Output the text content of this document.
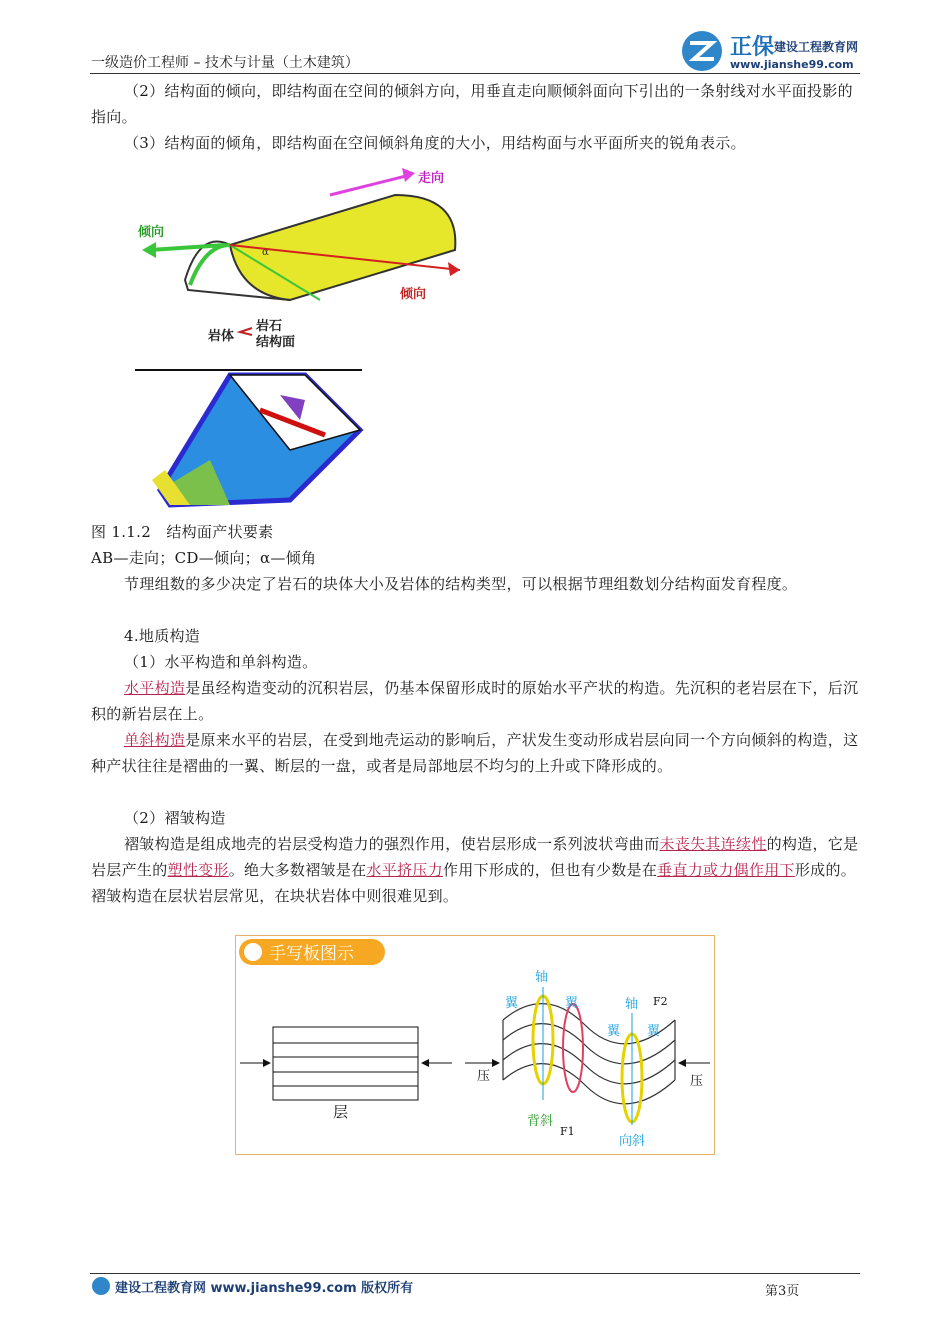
一级造价工程师 – 技术与计量（土木建筑）
正保 建设工程教育网
www.jianshe99.com
（2）结构面的倾向，即结构面在空间的倾斜方向，用垂直走向顺倾斜面向下引出的一条射线对水平面投影的指向。
（3）结构面的倾角，即结构面在空间倾斜角度的大小，用结构面与水平面所夹的锐角表示。
走向
倾向
倾向
α
岩体
岩石
结构面
图 1.1.2　结构面产状要素
AB—走向；CD—倾向；α—倾角
节理组数的多少决定了岩石的块体大小及岩体的结构类型，可以根据节理组数划分结构面发育程度。
4.地质构造
（1）水平构造和单斜构造。
水平构造是虽经构造变动的沉积岩层，仍基本保留形成时的原始水平产状的构造。先沉积的老岩层在下，后沉积的新岩层在上。
单斜构造是原来水平的岩层，在受到地壳运动的影响后，产状发生变动形成岩层向同一个方向倾斜的构造，这种产状往往是褶曲的一翼、断层的一盘，或者是局部地层不均匀的上升或下降形成的。
（2）褶皱构造
褶皱构造是组成地壳的岩层受构造力的强烈作用，使岩层形成一系列波状弯曲而未丧失其连续性的构造，它是岩层产生的塑性变形。绝大多数褶皱是在水平挤压力作用下形成的，但也有少数是在垂直力或力偶作用下形成的。褶皱构造在层状岩层常见，在块状岩体中则很难见到。
手写板图示
层
轴
轴
翼	翼
翼 翼
F2
F1
背斜
向斜
压	压
建设工程教育网 www.jianshe99.com 版权所有	第3页
